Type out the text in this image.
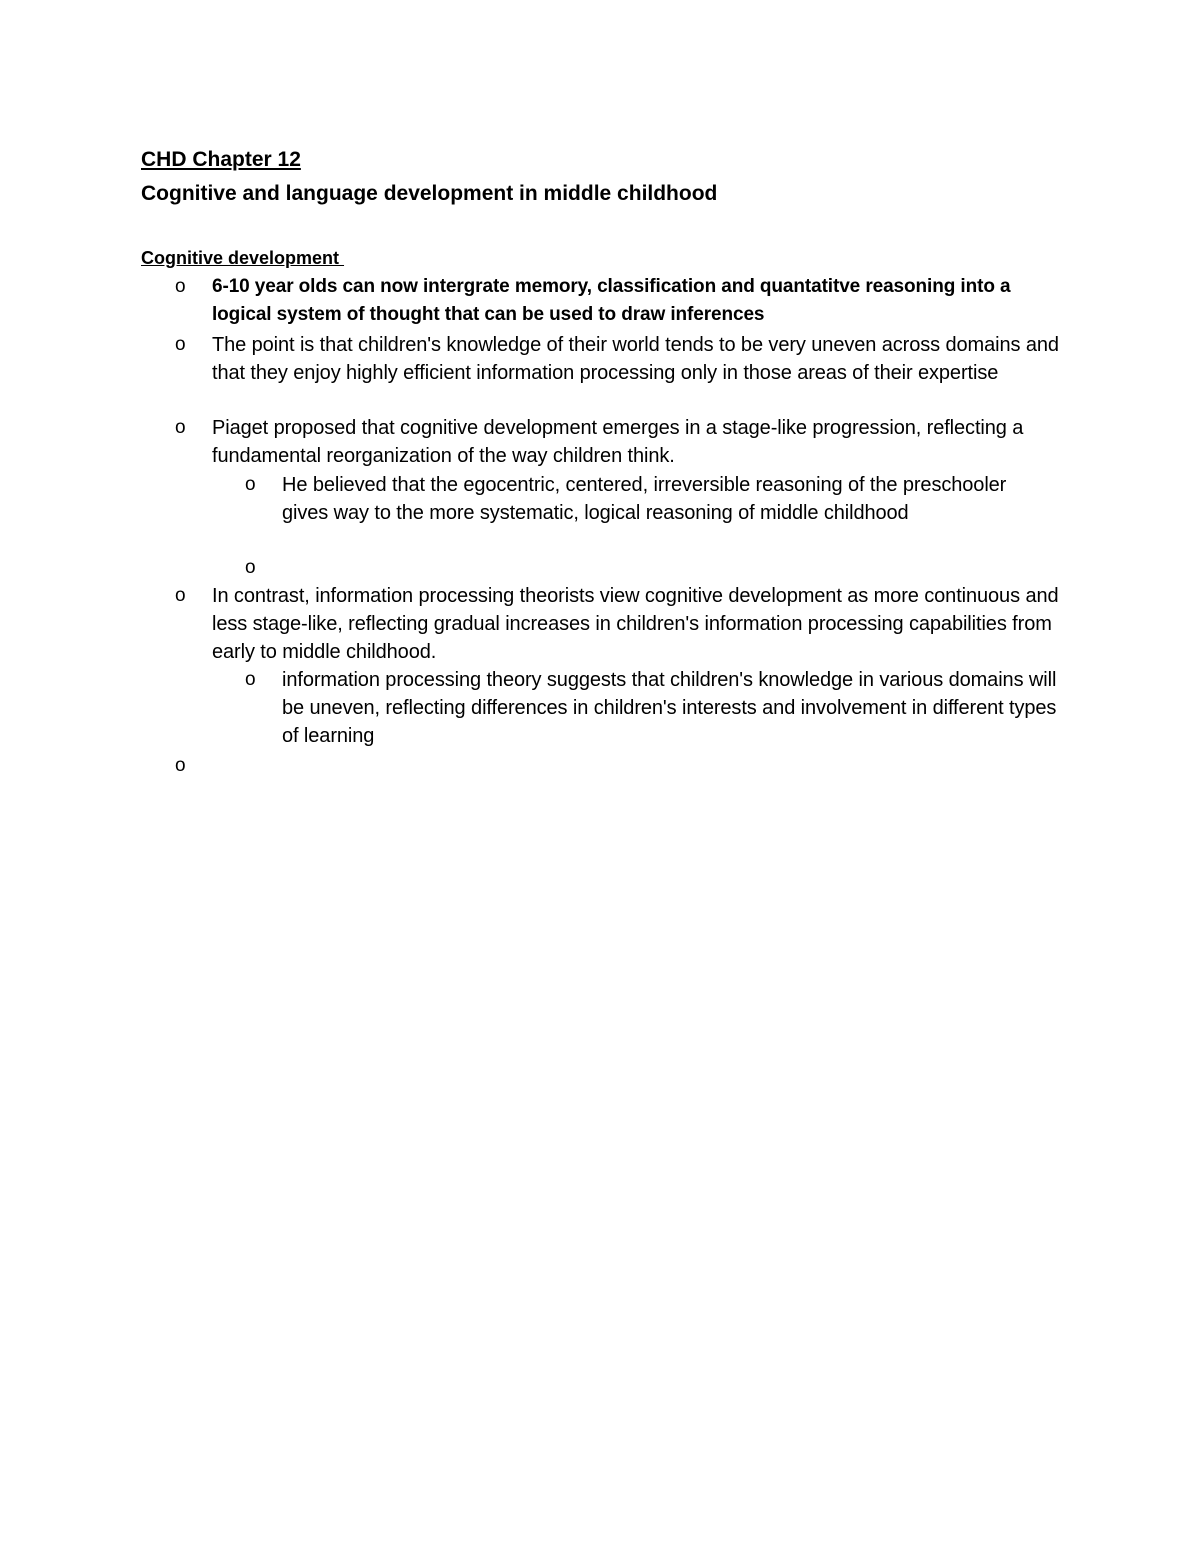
CHD Chapter 12
Cognitive and language development in middle childhood
Cognitive development
o 6-10 year olds can now intergrate memory, classification and quantatitve reasoning into a logical system of thought that can be used to draw inferences
o The point is that children's knowledge of their world tends to be very uneven across domains and that they enjoy highly efficient information processing only in those areas of their expertise
o Piaget proposed that cognitive development emerges in a stage-like progression, reflecting a fundamental reorganization of the way children think.
o He believed that the egocentric, centered, irreversible reasoning of the preschooler gives way to the more systematic, logical reasoning of middle childhood
o
o In contrast, information processing theorists view cognitive development as more continuous and less stage-like, reflecting gradual increases in children's information processing capabilities from early to middle childhood.
o information processing theory suggests that children's knowledge in various domains will be uneven, reflecting differences in children's interests and involvement in different types of learning
o
